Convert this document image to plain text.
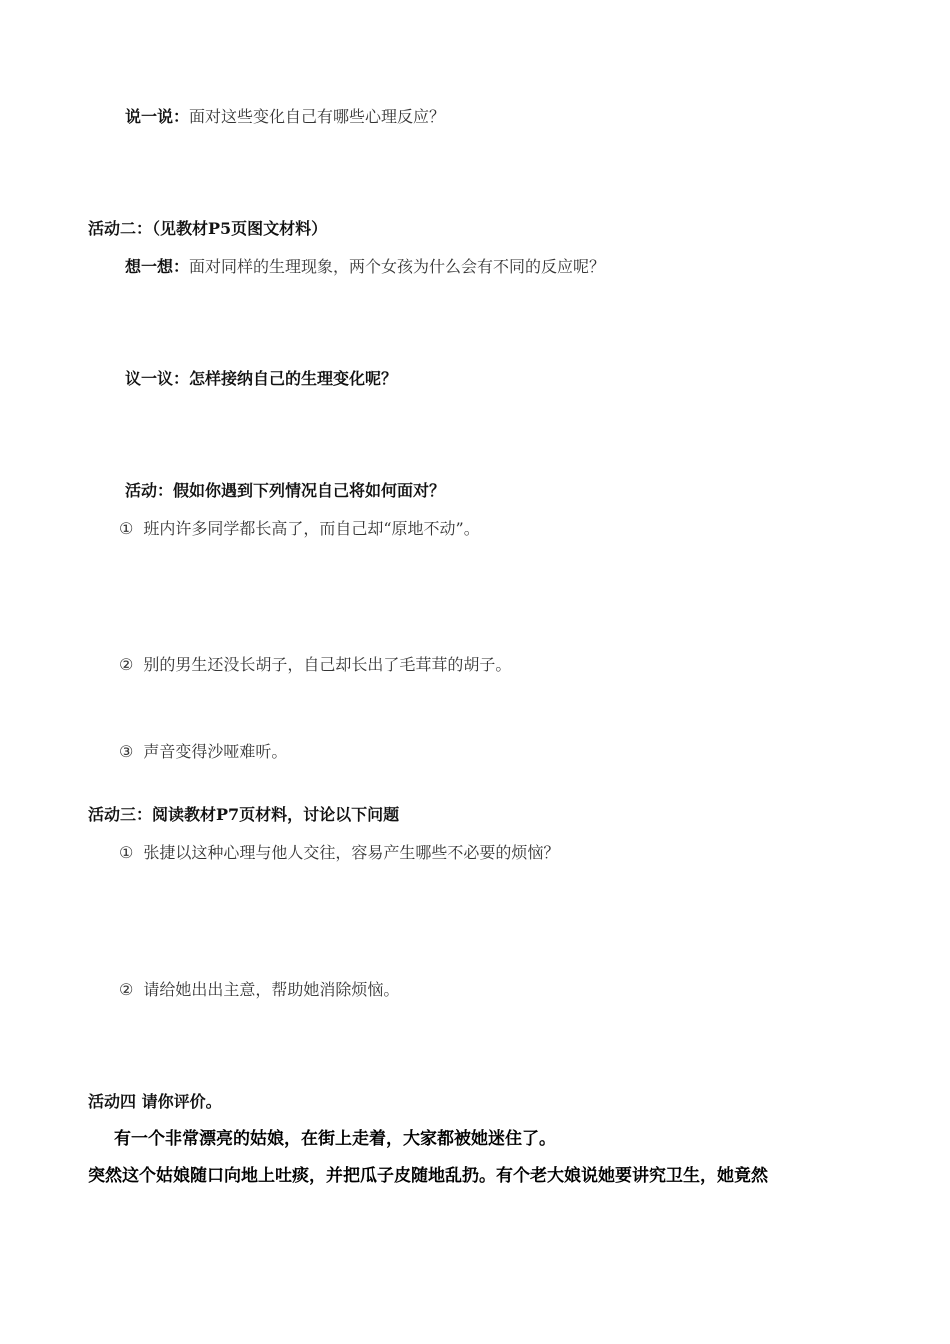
说一说：面对这些变化自己有哪些心理反应？
活动二：（见教材P5页图文材料）
想一想：面对同样的生理现象，两个女孩为什么会有不同的反应呢？
议一议：怎样接纳自己的生理变化呢？
活动：假如你遇到下列情况自己将如何面对？
① 班内许多同学都长高了，而自己却“原地不动”。
② 别的男生还没长胡子，自己却长出了毛茸茸的胡子。
③ 声音变得沙哑难听。
活动三：阅读教材P7页材料，讨论以下问题
① 张捷以这种心理与他人交往，容易产生哪些不必要的烦恼？
② 请给她出出主意，帮助她消除烦恼。
活动四 请你评价。
有一个非常漂亮的姑娘，在街上走着，大家都被她迷住了。
突然这个姑娘随口向地上吐痰，并把瓜子皮随地乱扔。有个老大娘说她要讲究卫生，她竟然
